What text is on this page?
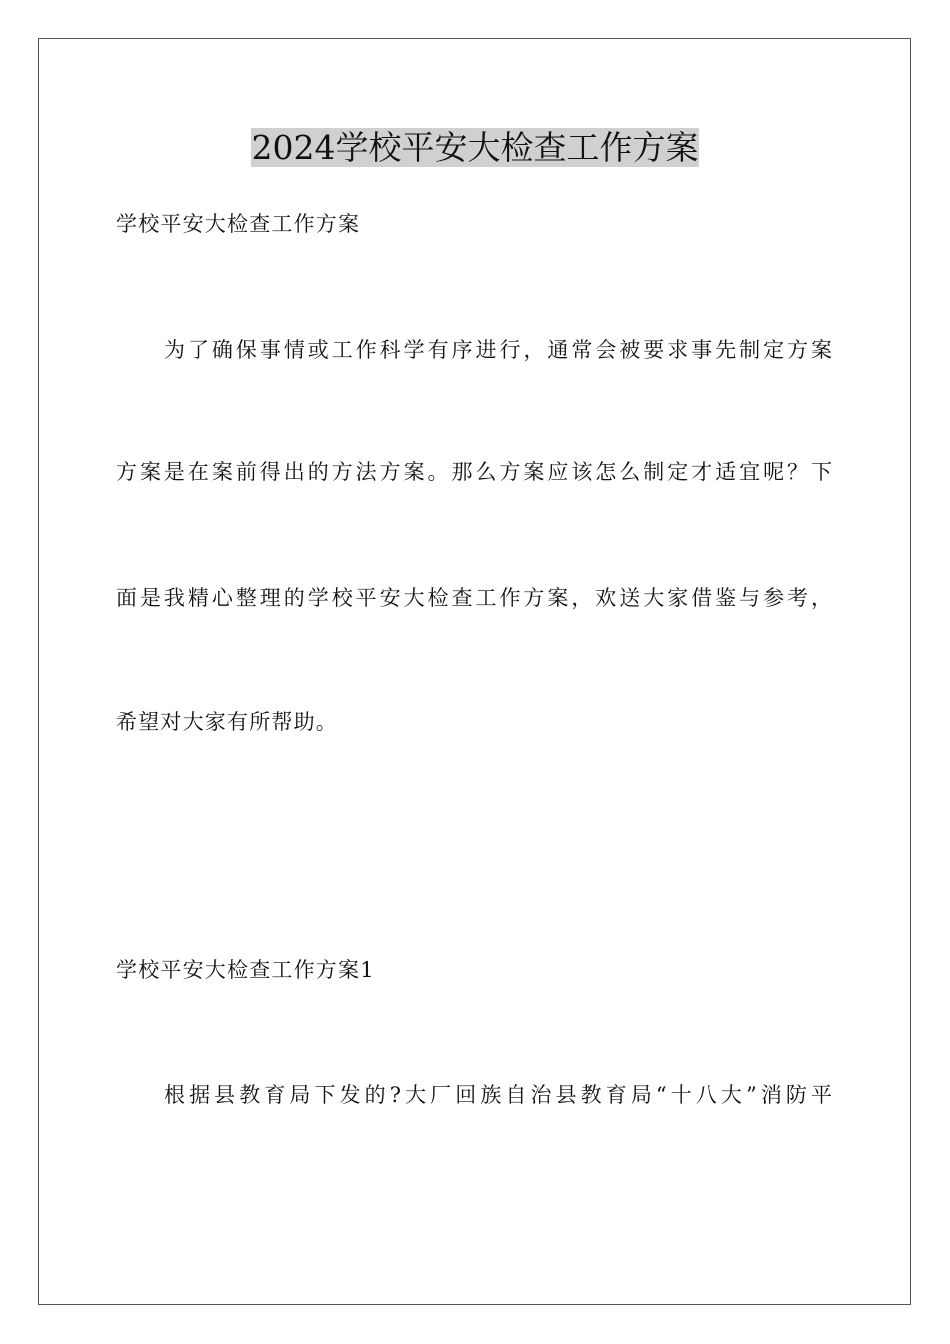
2024学校平安大检查工作方案
学校平安大检查工作方案
为了确保事情或工作科学有序进行，通常会被要求事先制定方案
方案是在案前得出的方法方案。那么方案应该怎么制定才适宜呢？下
面是我精心整理的学校平安大检查工作方案，欢送大家借鉴与参考，
希望对大家有所帮助。
学校平安大检查工作方案1
根据县教育局下发的?大厂回族自治县教育局“十八大”消防平
